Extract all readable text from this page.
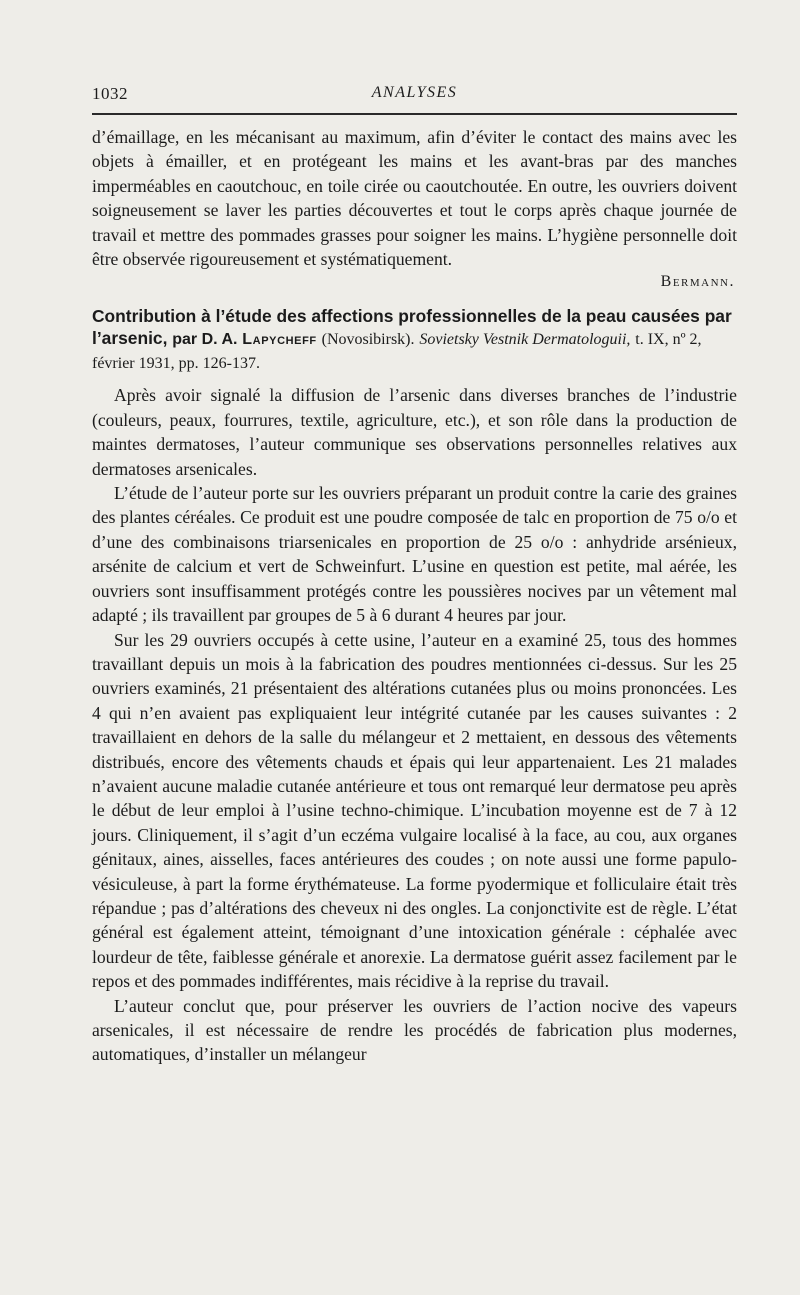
1032	ANALYSES
d’émaillage, en les mécanisant au maximum, afin d’éviter le contact des mains avec les objets à émailler, et en protégeant les mains et les avant-bras par des manches imperméables en caoutchouc, en toile cirée ou caoutchoutée. En outre, les ouvriers doivent soigneusement se laver les parties découvertes et tout le corps après chaque journée de travail et mettre des pommades grasses pour soigner les mains. L’hygiène personnelle doit être observée rigoureusement et systématiquement.
Bermann.
Contribution à l’étude des affections professionnelles de la peau causées par l’arsenic, par D. A. Lapycheff (Novosibirsk). Sovietsky Vestnik Dermatologuii, t. IX, nº 2, février 1931, pp. 126-137.

Après avoir signalé la diffusion de l’arsenic dans diverses branches de l’industrie (couleurs, peaux, fourrures, textile, agriculture, etc.), et son rôle dans la production de maintes dermatoses, l’auteur communique ses observations personnelles relatives aux dermatoses arsenicales.

L’étude de l’auteur porte sur les ouvriers préparant un produit contre la carie des graines des plantes céréales. Ce produit est une poudre composée de talc en proportion de 75 o/o et d’une des combinaisons triarsenicales en proportion de 25 o/o : anhydride arsénieux, arsénite de calcium et vert de Schweinfurt. L’usine en question est petite, mal aérée, les ouvriers sont insuffisamment protégés contre les poussières nocives par un vêtement mal adapté ; ils travaillent par groupes de 5 à 6 durant 4 heures par jour.

Sur les 29 ouvriers occupés à cette usine, l’auteur en a examiné 25, tous des hommes travaillant depuis un mois à la fabrication des poudres mentionnées ci-dessus. Sur les 25 ouvriers examinés, 21 présentaient des altérations cutanées plus ou moins prononcées. Les 4 qui n’en avaient pas expliquaient leur intégrité cutanée par les causes suivantes : 2 travaillaient en dehors de la salle du mélangeur et 2 mettaient, en dessous des vêtements distribués, encore des vêtements chauds et épais qui leur appartenaient. Les 21 malades n’avaient aucune maladie cutanée antérieure et tous ont remarqué leur dermatose peu après le début de leur emploi à l’usine techno-chimique. L’incubation moyenne est de 7 à 12 jours. Cliniquement, il s’agit d’un eczéma vulgaire localisé à la face, au cou, aux organes génitaux, aines, aisselles, faces antérieures des coudes ; on note aussi une forme papulo-vésiculeuse, à part la forme érythémateuse. La forme pyodermique et folliculaire était très répandue ; pas d’altérations des cheveux ni des ongles. La conjonctivite est de règle. L’état général est également atteint, témoignant d’une intoxication générale : céphalée avec lourdeur de tête, faiblesse générale et anorexie. La dermatose guérit assez facilement par le repos et des pommades indifférentes, mais récidive à la reprise du travail.

L’auteur conclut que, pour préserver les ouvriers de l’action nocive des vapeurs arsenicales, il est nécessaire de rendre les procédés de fabrication plus modernes, automatiques, d’installer un mélangeur
